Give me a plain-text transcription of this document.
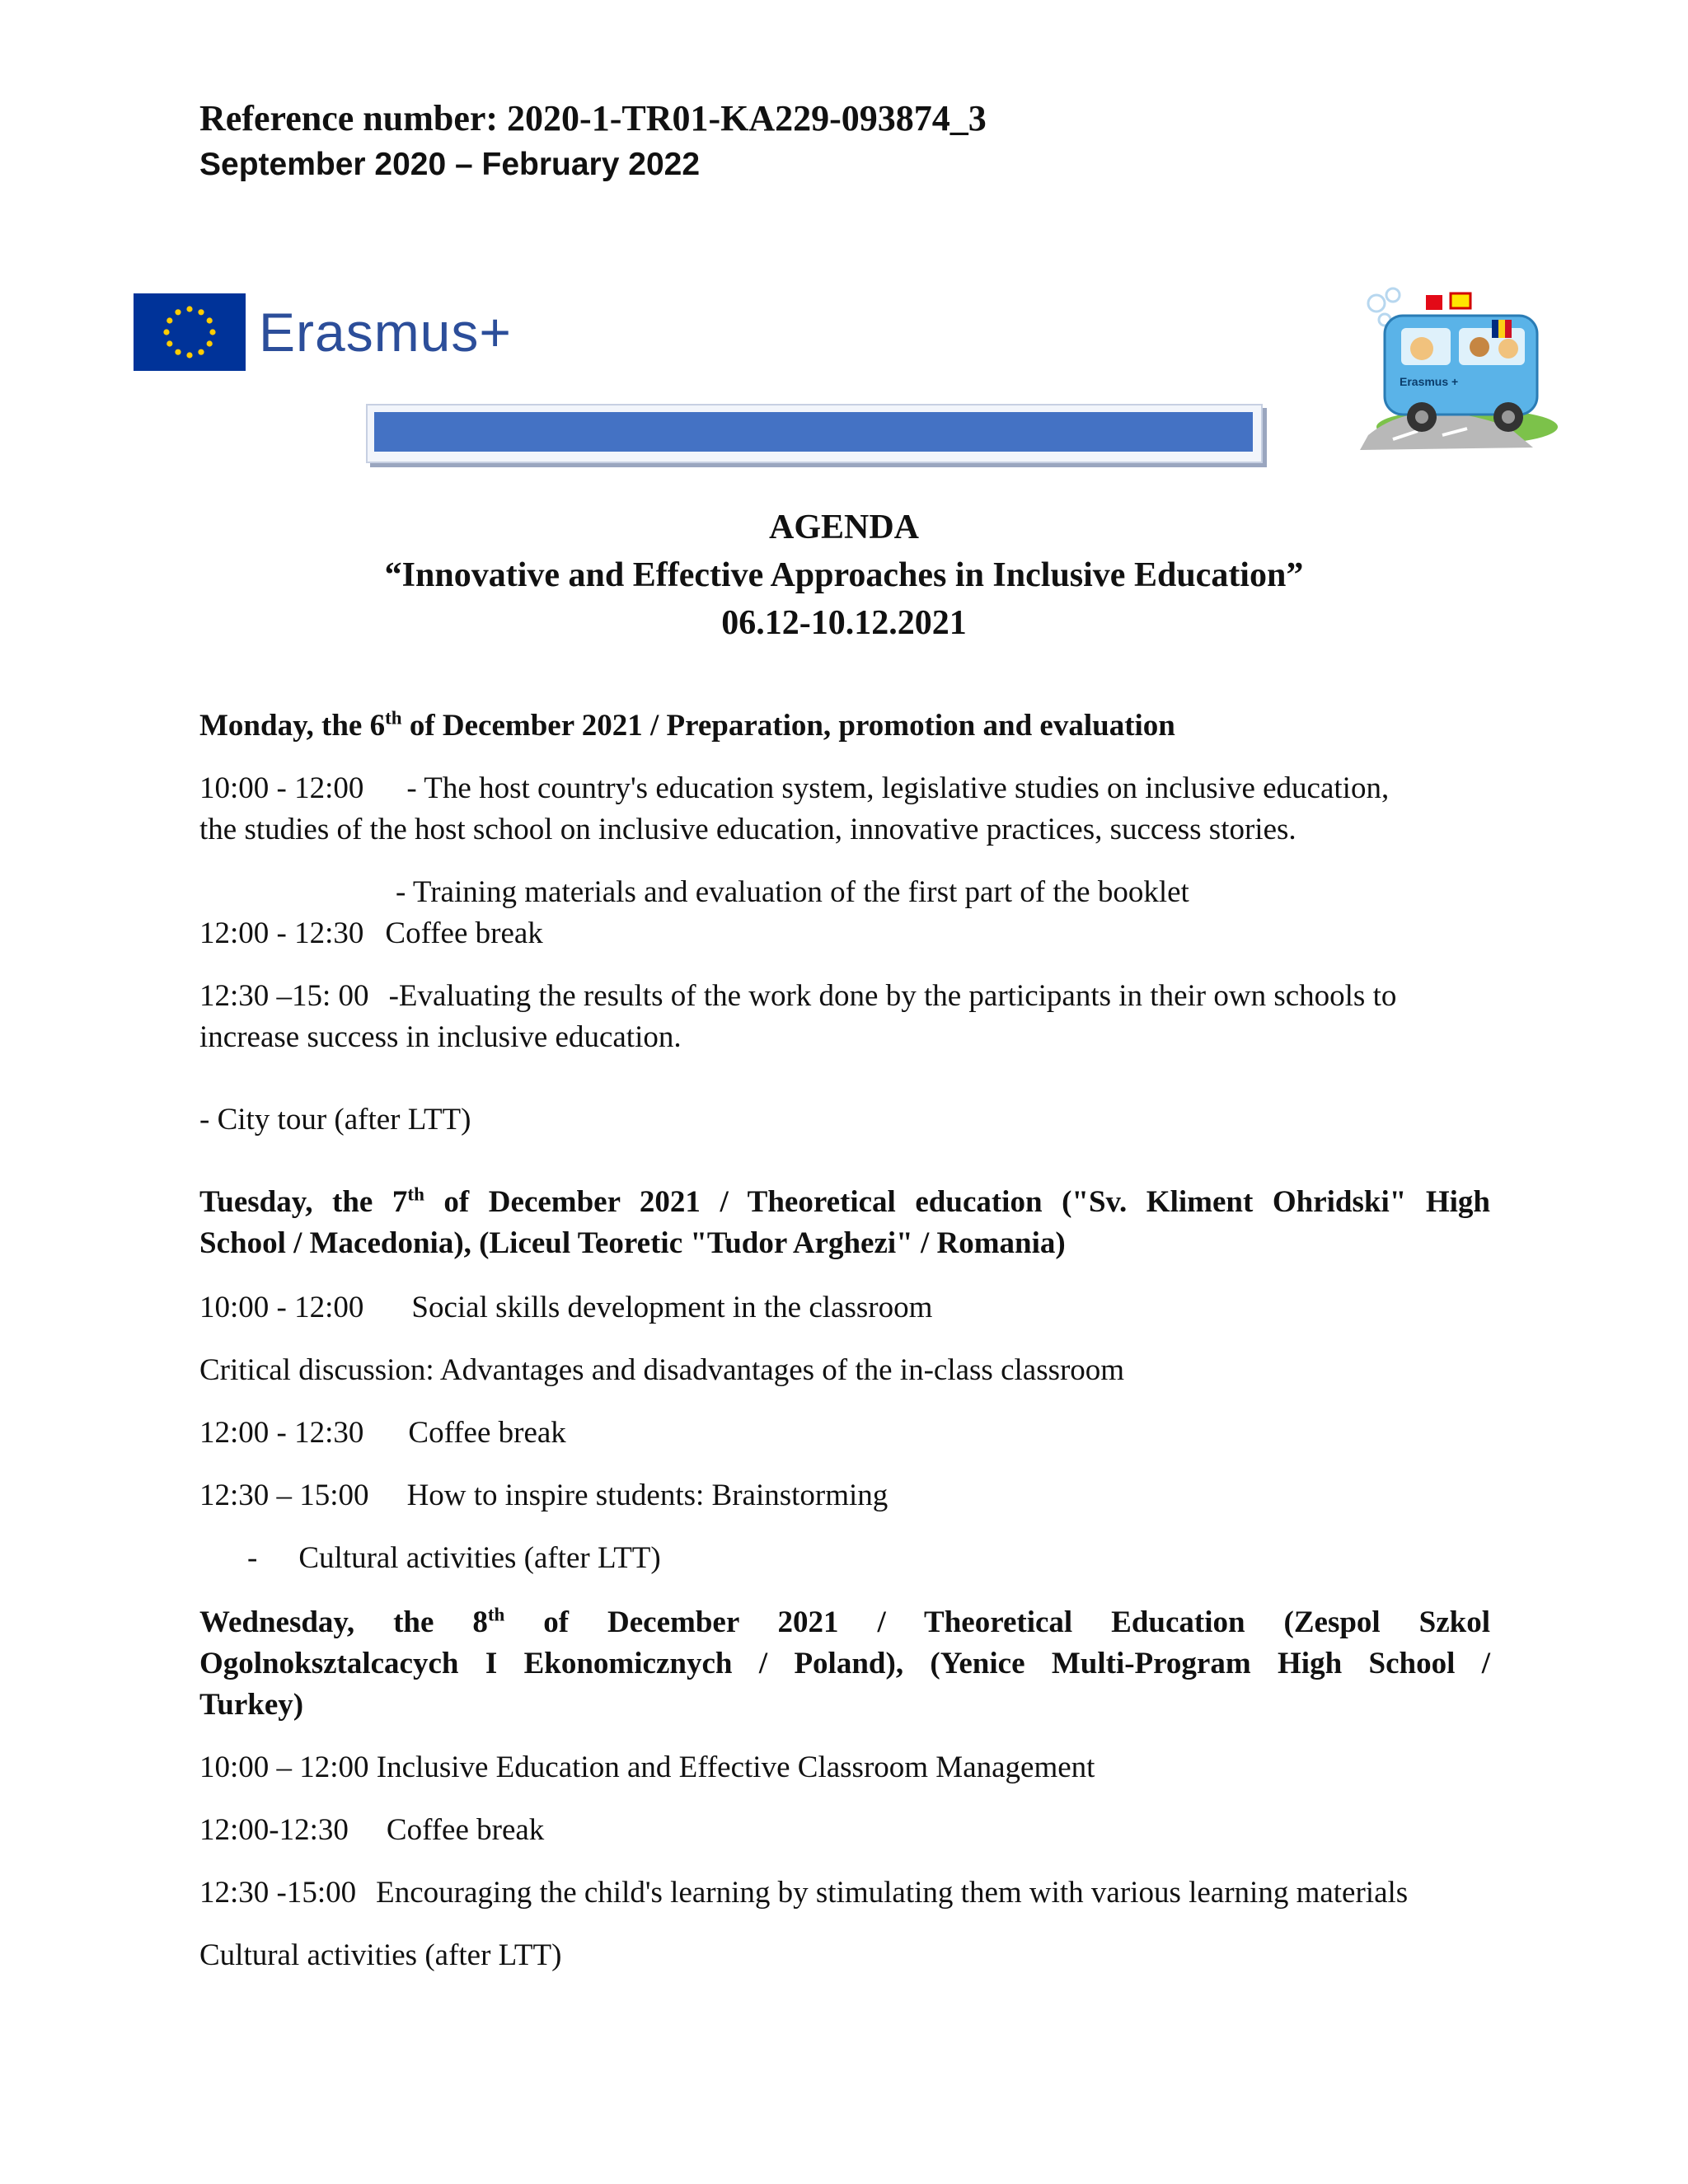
Reference number: 2020-1-TR01-KA229-093874_3
September 2020 – February 2022
Erasmus+
Erasmus +
AGENDA
“Innovative and Effective Approaches in Inclusive Education”
06.12-10.12.2021
Monday, the 6th of December 2021 / Preparation, promotion and evaluation
10:00 - 12:00 - The host country's education system, legislative studies on inclusive education,
the studies of the host school on inclusive education, innovative practices, success stories.
- Training materials and evaluation of the first part of the booklet
12:00 - 12:30 Coffee break
12:30 –15: 00 -Evaluating the results of the work done by the participants in their own schools to
increase success in inclusive education.
- City tour (after LTT)
Tuesday, the 7th of December 2021 / Theoretical education ("Sv. Kliment Ohridski" High
School / Macedonia), (Liceul Teoretic "Tudor Arghezi" / Romania)
10:00 - 12:00 Social skills development in the classroom
Critical discussion: Advantages and disadvantages of the in-class classroom
12:00 - 12:30 Coffee break
12:30 – 15:00 How to inspire students: Brainstorming
- Cultural activities (after LTT)
Wednesday, the 8th of December 2021 / Theoretical Education (Zespol Szkol
Ogolnoksztalcacych I Ekonomicznych / Poland), (Yenice Multi-Program High School /
Turkey)
10:00 – 12:00 Inclusive Education and Effective Classroom Management
12:00-12:30 Coffee break
12:30 -15:00 Encouraging the child's learning by stimulating them with various learning materials
Cultural activities (after LTT)
